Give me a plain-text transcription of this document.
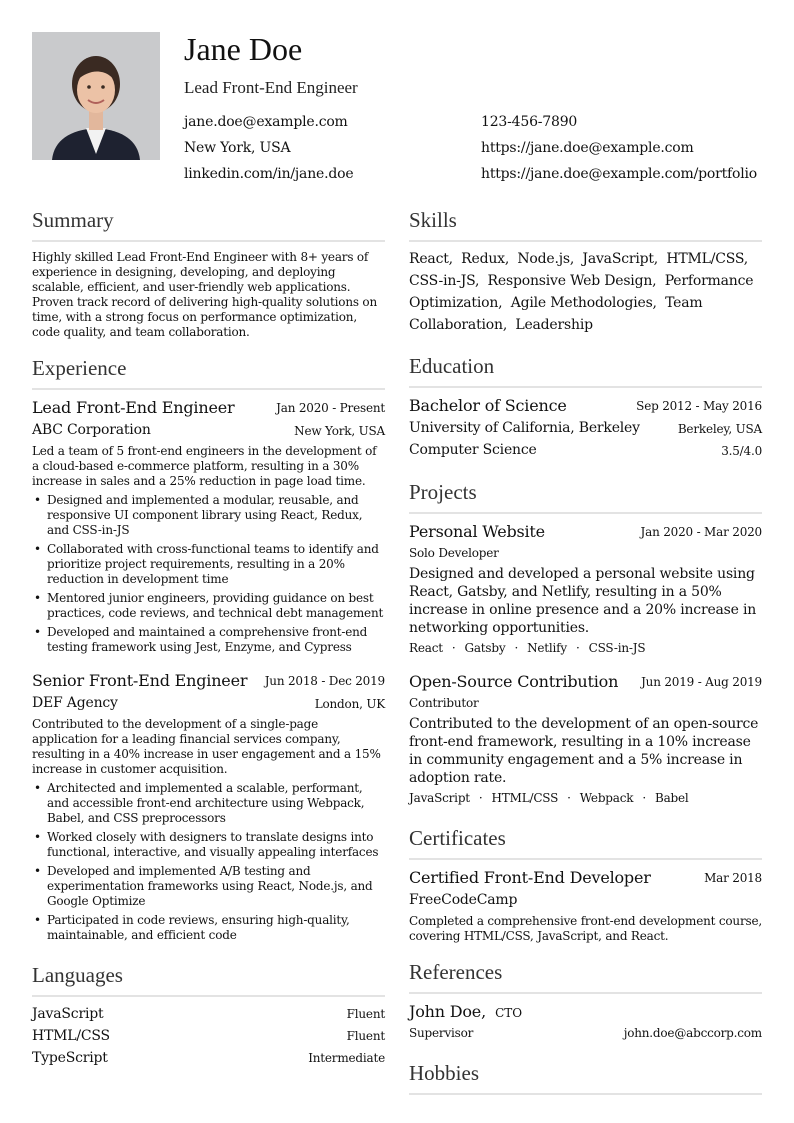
Jane Doe
Lead Front-End Engineer
jane.doe@example.com	123-456-7890
New York, USA	https://jane.doe@example.com
linkedin.com/in/jane.doe	https://jane.doe@example.com/portfolio
Summary
Highly skilled Lead Front-End Engineer with 8+ years of experience in designing, developing, and deploying scalable, efficient, and user-friendly web applications. Proven track record of delivering high-quality solutions on time, with a strong focus on performance optimization, code quality, and team collaboration.
Experience
Lead Front-End Engineer	Jan 2020 - Present
ABC Corporation	New York, USA
Led a team of 5 front-end engineers in the development of a cloud-based e-commerce platform, resulting in a 30% increase in sales and a 25% reduction in page load time.
• Designed and implemented a modular, reusable, and responsive UI component library using React, Redux, and CSS-in-JS
• Collaborated with cross-functional teams to identify and prioritize project requirements, resulting in a 20% reduction in development time
• Mentored junior engineers, providing guidance on best practices, code reviews, and technical debt management
• Developed and maintained a comprehensive front-end testing framework using Jest, Enzyme, and Cypress
Senior Front-End Engineer Jun 2018 - Dec 2019
DEF Agency	London, UK
Contributed to the development of a single-page application for a leading financial services company, resulting in a 40% increase in user engagement and a 15% increase in customer acquisition.
• Architected and implemented a scalable, performant, and accessible front-end architecture using Webpack, Babel, and CSS preprocessors
• Worked closely with designers to translate designs into functional, interactive, and visually appealing interfaces
• Developed and implemented A/B testing and experimentation frameworks using React, Node.js, and Google Optimize
• Participated in code reviews, ensuring high-quality, maintainable, and efficient code
Languages
JavaScript	Fluent
HTML/CSS	Fluent
TypeScript	Intermediate
Skills
React, Redux, Node.js, JavaScript, HTML/CSS, CSS-in-JS, Responsive Web Design, Performance Optimization, Agile Methodologies, Team Collaboration, Leadership
Education
Bachelor of Science	Sep 2012 - May 2016
University of California, Berkeley	Berkeley, USA
Computer Science	3.5/4.0
Projects
Personal Website	Jan 2020 - Mar 2020
Solo Developer
Designed and developed a personal website using React, Gatsby, and Netlify, resulting in a 50% increase in online presence and a 20% increase in networking opportunities.
React · Gatsby · Netlify · CSS-in-JS
Open-Source Contribution Jun 2019 - Aug 2019
Contributor
Contributed to the development of an open-source front-end framework, resulting in a 10% increase in community engagement and a 5% increase in adoption rate.
JavaScript · HTML/CSS · Webpack · Babel
Certificates
Certified Front-End Developer	Mar 2018
FreeCodeCamp
Completed a comprehensive front-end development course, covering HTML/CSS, JavaScript, and React.
References
John Doe, CTO
Supervisor	john.doe@abccorp.com
Hobbies
